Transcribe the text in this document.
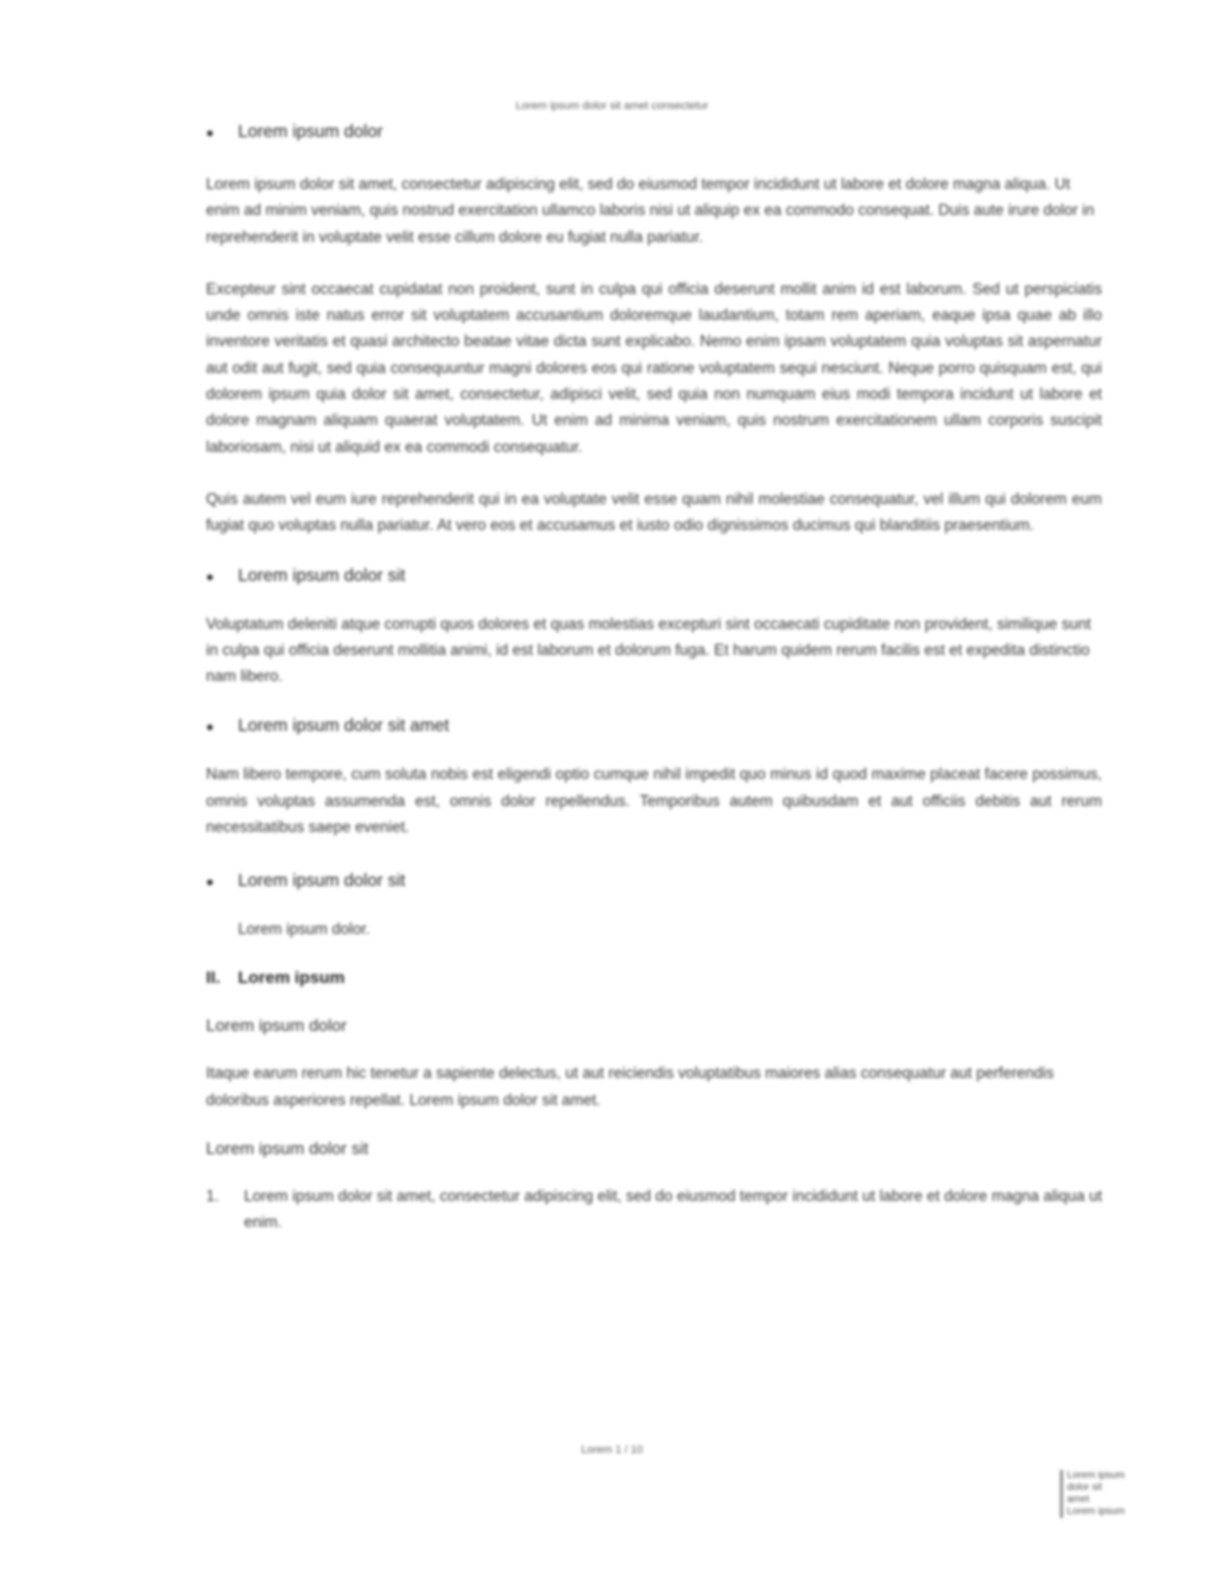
Lorem ipsum dolor sit amet consectetur
●	Lorem ipsum dolor

Lorem ipsum dolor sit amet, consectetur adipiscing elit, sed do eiusmod tempor incididunt ut labore et dolore magna aliqua. Ut enim ad minim veniam, quis nostrud exercitation ullamco laboris nisi ut aliquip ex ea commodo consequat. Duis aute irure dolor in reprehenderit in voluptate velit esse cillum dolore eu fugiat nulla pariatur.

Excepteur sint occaecat cupidatat non proident, sunt in culpa qui officia deserunt mollit anim id est laborum. Sed ut perspiciatis unde omnis iste natus error sit voluptatem accusantium doloremque laudantium, totam rem aperiam, eaque ipsa quae ab illo inventore veritatis et quasi architecto beatae vitae dicta sunt explicabo. Nemo enim ipsam voluptatem quia voluptas sit aspernatur aut odit aut fugit, sed quia consequuntur magni dolores eos qui ratione voluptatem sequi nesciunt. Neque porro quisquam est, qui dolorem ipsum quia dolor sit amet, consectetur, adipisci velit, sed quia non numquam eius modi tempora incidunt ut labore et dolore magnam aliquam quaerat voluptatem. Ut enim ad minima veniam, quis nostrum exercitationem ullam corporis suscipit laboriosam, nisi ut aliquid ex ea commodi consequatur.

Quis autem vel eum iure reprehenderit qui in ea voluptate velit esse quam nihil molestiae consequatur, vel illum qui dolorem eum fugiat quo voluptas nulla pariatur. At vero eos et accusamus et iusto odio dignissimos ducimus qui blanditiis praesentium.

●	Lorem ipsum dolor sit

Voluptatum deleniti atque corrupti quos dolores et quas molestias excepturi sint occaecati cupiditate non provident, similique sunt in culpa qui officia deserunt mollitia animi, id est laborum et dolorum fuga. Et harum quidem rerum facilis est et expedita distinctio nam libero.

●	Lorem ipsum dolor sit amet

Nam libero tempore, cum soluta nobis est eligendi optio cumque nihil impedit quo minus id quod maxime placeat facere possimus, omnis voluptas assumenda est, omnis dolor repellendus. Temporibus autem quibusdam et aut officiis debitis aut rerum necessitatibus saepe eveniet.

●	Lorem ipsum dolor sit
Lorem ipsum dolor.
II.	Lorem ipsum
Lorem ipsum dolor

Itaque earum rerum hic tenetur a sapiente delectus, ut aut reiciendis voluptatibus maiores alias consequatur aut perferendis doloribus asperiores repellat. Lorem ipsum dolor sit amet.

Lorem ipsum dolor sit
1.	Lorem ipsum dolor sit amet, consectetur adipiscing elit, sed do eiusmod tempor incididunt ut labore et dolore magna aliqua ut enim.
Lorem 1 / 10
Lorem ipsum
dolor sit
amet
Lorem ipsum
